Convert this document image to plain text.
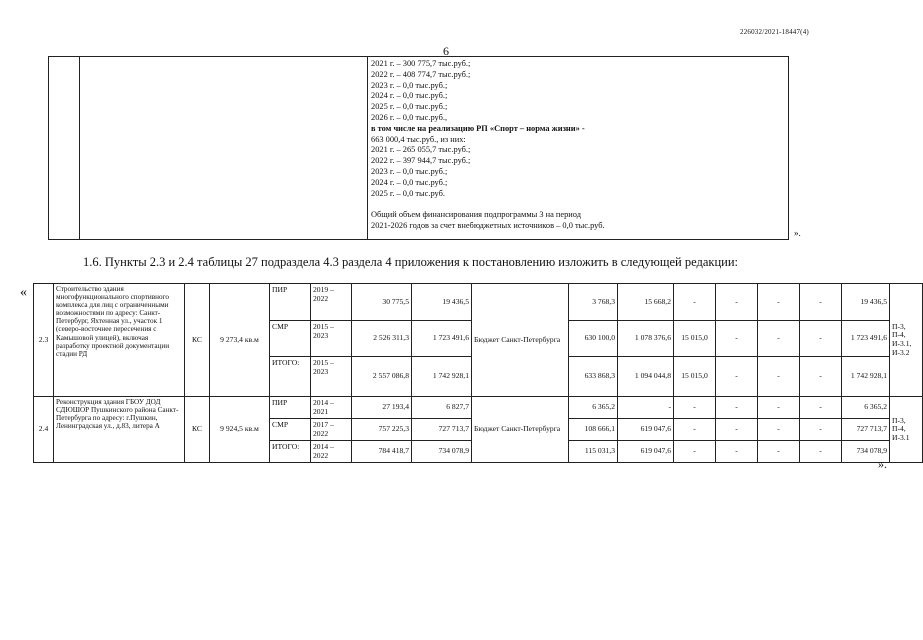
226032/2021-18447(4)
6
2021 г. – 300 775,7 тыс.руб.;
2022 г. – 408 774,7 тыс.руб.;
2023 г. – 0,0 тыс.руб.;
2024 г. – 0,0 тыс.руб.;
2025 г. – 0,0 тыс.руб.;
2026 г. – 0,0 тыс.руб.,
в том числе на реализацию РП «Спорт – норма жизни» -
663 000,4 тыс.руб., из них:
2021 г. – 265 055,7 тыс.руб.;
2022 г. – 397 944,7 тыс.руб.;
2023 г. – 0,0 тыс.руб.;
2024 г. – 0,0 тыс.руб.;
2025 г. – 0,0 тыс.руб.

Общий объем финансирования подпрограммы 3 на период
2021-2026 годов за счет внебюджетных источников – 0,0 тыс.руб.
».
1.6. Пункты 2.3 и 2.4 таблицы 27 подраздела 4.3 раздела 4 приложения к постановлению изложить в следующей редакции:
«
2.3	Строительство здания многофункционального спортивного комплекса для лиц с ограниченными возможностями по адресу: Санкт-Петербург, Яхтенная ул., участок 1 (северо-восточнее пересечения с Камышовой улицей), включая разработку проектной документации стадии РД	КС	9 273,4 кв.м	ПИР	2019 – 2022	30 775,5	19 436,5	Бюджет Санкт-Петербурга	3 768,3	15 668,2	-	-	-	-	19 436,5	П-3, П-4, И-3.1, И-3.2
				СМР	2015 – 2023	2 526 311,3	1 723 491,6		630 100,0	1 078 376,6	15 015,0	-	-	-	1 723 491,6	
				ИТОГО:	2015 – 2023	2 557 086,8	1 742 928,1		633 868,3	1 094 044,8	15 015,0	-	-	-	1 742 928,1	
2.4	Реконструкция здания ГБОУ ДОД СДЮШОР Пушкинского района Санкт-Петербурга по адресу: г.Пушкин, Ленинградская ул., д.83, литера А	КС	9 924,5 кв.м	ПИР	2014 – 2021	27 193,4	6 827,7	Бюджет Санкт-Петербурга	6 365,2	-	-	-	-	-	6 365,2	П-3, П-4, И-3.1
				СМР	2017 – 2022	757 225,3	727 713,7		108 666,1	619 047,6	-	-	-	-	727 713,7	
				ИТОГО:	2014 – 2022	784 418,7	734 078,9		115 031,3	619 047,6	-	-	-	-	734 078,9	
».
